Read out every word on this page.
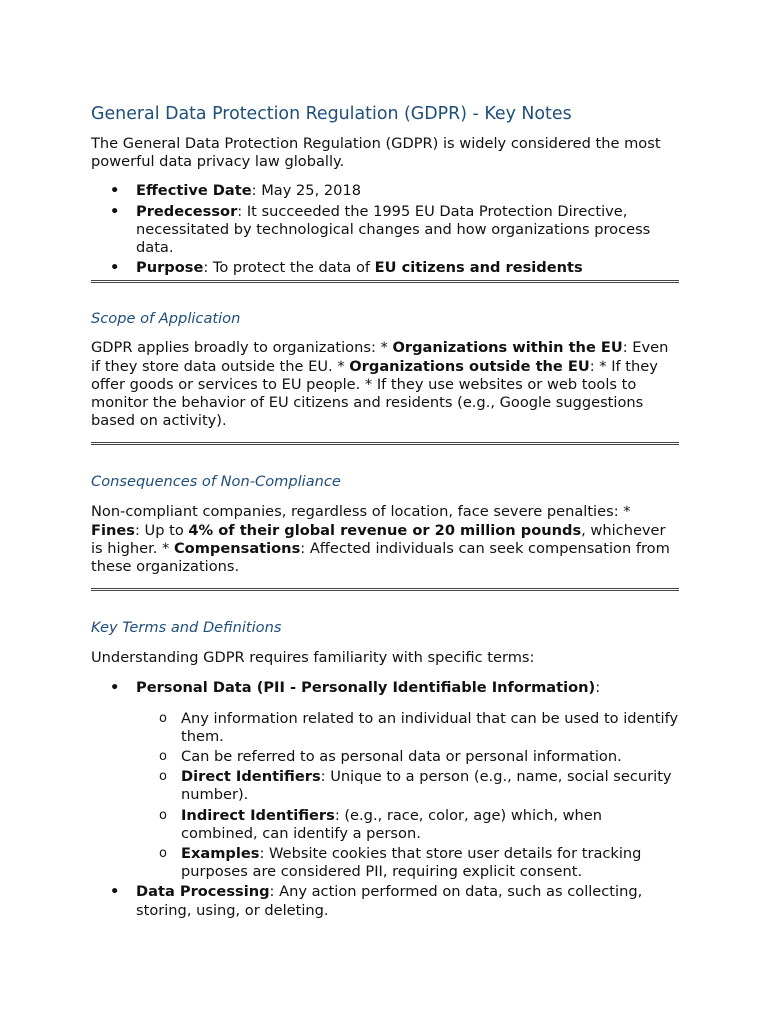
General Data Protection Regulation (GDPR) - Key Notes

The General Data Protection Regulation (GDPR) is widely considered the most powerful data privacy law globally.

• Effective Date: May 25, 2018
• Predecessor: It succeeded the 1995 EU Data Protection Directive, necessitated by technological changes and how organizations process data.
• Purpose: To protect the data of EU citizens and residents
Scope of Application

GDPR applies broadly to organizations: * Organizations within the EU: Even if they store data outside the EU. * Organizations outside the EU: * If they offer goods or services to EU people. * If they use websites or web tools to monitor the behavior of EU citizens and residents (e.g., Google suggestions based on activity).

Consequences of Non-Compliance

Non-compliant companies, regardless of location, face severe penalties: * Fines: Up to 4% of their global revenue or 20 million pounds, whichever is higher. * Compensations: Affected individuals can seek compensation from these organizations.

Key Terms and Definitions

Understanding GDPR requires familiarity with specific terms:

• Personal Data (PII - Personally Identifiable Information):
o Any information related to an individual that can be used to identify them.
o Can be referred to as personal data or personal information.
o Direct Identifiers: Unique to a person (e.g., name, social security number).
o Indirect Identifiers: (e.g., race, color, age) which, when combined, can identify a person.
o Examples: Website cookies that store user details for tracking purposes are considered PII, requiring explicit consent.
• Data Processing: Any action performed on data, such as collecting, storing, using, or deleting.
